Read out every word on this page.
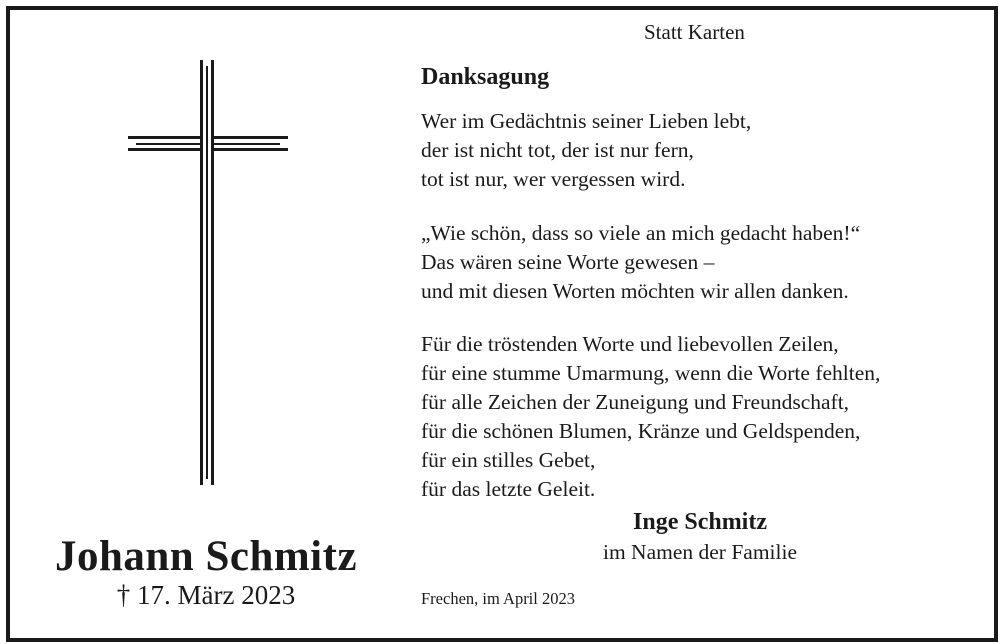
Johann Schmitz
† 17. März 2023
Statt Karten
Danksagung
Wer im Gedächtnis seiner Lieben lebt,
der ist nicht tot, der ist nur fern,
tot ist nur, wer vergessen wird.
„Wie schön, dass so viele an mich gedacht haben!“
Das wären seine Worte gewesen –
und mit diesen Worten möchten wir allen danken.
Für die tröstenden Worte und liebevollen Zeilen,
für eine stumme Umarmung, wenn die Worte fehlten,
für alle Zeichen der Zuneigung und Freundschaft,
für die schönen Blumen, Kränze und Geldspenden,
für ein stilles Gebet,
für das letzte Geleit.
Inge Schmitz
im Namen der Familie
Frechen, im April 2023
